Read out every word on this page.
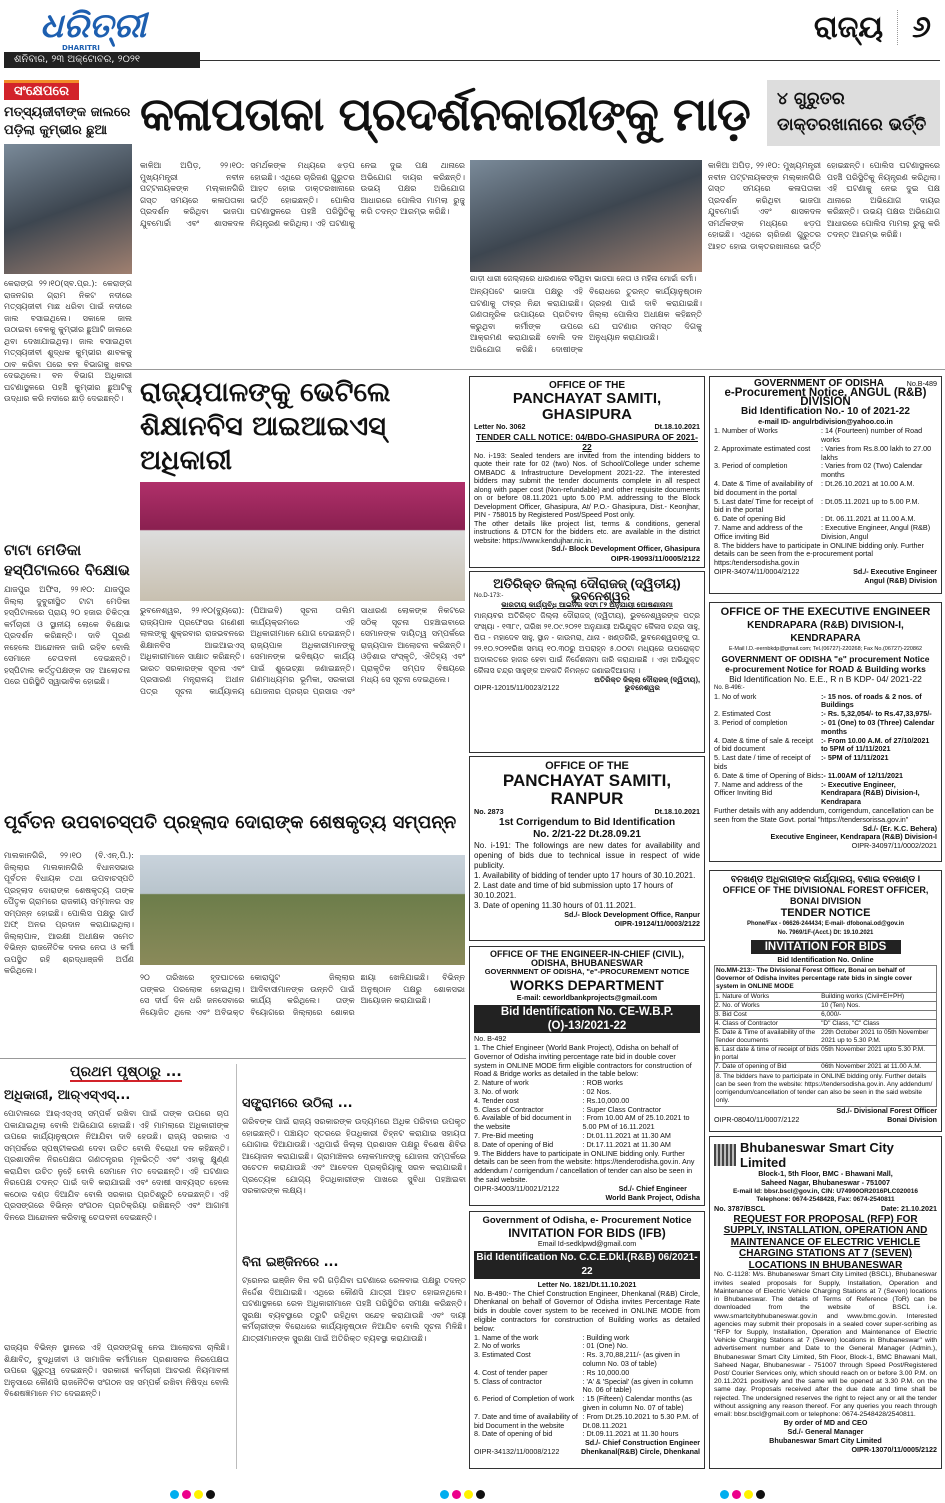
ଧରିତ୍ରୀ
DHARITRI
ଶନିବାର, ୨୩ ଅକ୍ଟୋବର, ୨୦୨୧
ରାଜ୍ୟ ୬
ସଂକ୍ଷେପରେ
ମତ୍ସ୍ୟଜୀବୀଙ୍କ ଜାଲରେ ପଡ଼ିଲା କୁମ୍ଭୀର ଛୁଆ
କେରାଙ୍ଗ ୨୨।୧୦(ସ୍ବ.ପ୍ର.): କେରାଙ୍ଗ ରାଜନଗର ଗ୍ରାମ ନିକଟ ନଦୀରେ ମତ୍ସ୍ୟଜୀବୀ ମାଛ ଧରିବା ପାଇଁ ନଦୀରେ ଜାଲ ବସାଇଥିଲେ। ସକାଳେ ଜାଲ ଉଠାଇବା ବେଳକୁ କୁମ୍ଭୀର ଛୁଆଟି ଜାଲରେ ଥିବା ଦେଖାଯାଇଥିଲା। ଜାଲ ବସାଇଥିବା ମତ୍ସ୍ୟଜୀବୀ ଶୁଦ୍ଧକ କୁମ୍ଭୀର ଶାବକକୁ ଠାବ କରିବା ପରେ ବନ ବିଭାଗକୁ ଖବର ଦେଇଥିଲେ। ବନ ବିଭାଗ ଅଧିକାରୀ ଘଟଣାସ୍ଥଳରେ ପହଞ୍ଚି କୁମ୍ଭୀର ଛୁଆଟିକୁ ଉଦ୍ଧାର କରି ନଦୀରେ ଛାଡ଼ି ଦେଇଛନ୍ତି।
କଳାପତାକା ପ୍ରଦର୍ଶନକାରୀଙ୍କୁ ମାଡ଼	୪ ଗୁରୁତର ଡାକ୍ତରଖାନାରେ ଭର୍ତ୍ତି
କାଳିଆ ଅପିଡ଼, ୨୨।୧୦: ମୁଖ୍ୟମନ୍ତ୍ରୀ ନବୀନ ପଟ୍ଟନାୟକଙ୍କ ମଲ୍କାନଗିରି ଗସ୍ତ ସମୟରେ କଳାପତାକା ପ୍ରଦର୍ଶନ କରିଥିବା ଭାଜପା ଯୁବମୋର୍ଚ୍ଚା ଏବଂ ଶାସକଦଳ ସମର୍ଥକଙ୍କ ମଧ୍ୟରେ ଝଡ଼ପ ହୋଇଛି। ଏଥିରେ ଚାରିଜଣ ଗୁରୁତର ଆହତ ହୋଇ ଡାକ୍ତରଖାନାରେ ଭର୍ତ୍ତି ହୋଇଛନ୍ତି। ପୋଲିସ ଘଟଣାସ୍ଥଳରେ ପହଞ୍ଚି ପରିସ୍ଥିତିକୁ ନିୟନ୍ତ୍ରଣ କରିଥିଲା। ଏହି ଘଟଣାକୁ ନେଇ ଦୁଇ ପକ୍ଷ ଥାନାରେ ଅଭିଯୋଗ ଦାୟର କରିଛନ୍ତି। ଉଭୟ ପକ୍ଷର ଅଭିଯୋଗ ଆଧାରରେ ପୋଲିସ ମାମଲା ରୁଜୁ କରି ତଦନ୍ତ ଆରମ୍ଭ କରିଛି।
ଗାଡ଼ୀ ଧାରୀ ଜେଲ୍ଲାରେ ଧାରଣାରେ ବସିଥିବା ଭାଜପା ନେତା ଓ ମହିଳା ମୋର୍ଚ୍ଚା କର୍ମୀ।
ଅନ୍ୟପଟେ ଭାଜପା ପକ୍ଷରୁ ଏହି ଘଟଣାକୁ ତୀବ୍ର ନିନ୍ଦା କରାଯାଇଛି। ଗଣତାନ୍ତ୍ରିକ ଉପାୟରେ ପ୍ରତିବାଦ କରୁଥିବା କର୍ମୀଙ୍କ ଉପରେ ଆକ୍ରମଣ କରାଯାଇଛି ବୋଲି ଦଳ ଅଭିଯୋଗ କରିଛି। ଦୋଷୀଙ୍କ ବିରୋଧରେ ତୁରନ୍ତ କାର୍ଯ୍ୟାନୁଷ୍ଠାନ ଗ୍ରହଣ ପାଇଁ ଦାବି କରାଯାଇଛି। ଜିଲ୍ଲା ପୋଲିସ ଅଧୀକ୍ଷକ କହିଛନ୍ତି ଯେ ଘଟଣାର ସମସ୍ତ ଦିଗକୁ ଅନୁଧ୍ୟାନ କରାଯାଉଛି।
କାଳିଆ ଅପିଡ଼, ୨୨।୧୦: ମୁଖ୍ୟମନ୍ତ୍ରୀ ନବୀନ ପଟ୍ଟନାୟକଙ୍କ ମଲ୍କାନଗିରି ଗସ୍ତ ସମୟରେ କଳାପତାକା ପ୍ରଦର୍ଶନ କରିଥିବା ଭାଜପା ଯୁବମୋର୍ଚ୍ଚା ଏବଂ ଶାସକଦଳ ସମର୍ଥକଙ୍କ ମଧ୍ୟରେ ଝଡ଼ପ ହୋଇଛି। ଏଥିରେ ଚାରିଜଣ ଗୁରୁତର ଆହତ ହୋଇ ଡାକ୍ତରଖାନାରେ ଭର୍ତ୍ତି ହୋଇଛନ୍ତି। ପୋଲିସ ଘଟଣାସ୍ଥଳରେ ପହଞ୍ଚି ପରିସ୍ଥିତିକୁ ନିୟନ୍ତ୍ରଣ କରିଥିଲା। ଏହି ଘଟଣାକୁ ନେଇ ଦୁଇ ପକ୍ଷ ଥାନାରେ ଅଭିଯୋଗ ଦାୟର କରିଛନ୍ତି। ଉଭୟ ପକ୍ଷର ଅଭିଯୋଗ ଆଧାରରେ ପୋଲିସ ମାମଲା ରୁଜୁ କରି ତଦନ୍ତ ଆରମ୍ଭ କରିଛି।
ରାଜ୍ୟପାଳଙ୍କୁ ଭେଟିଲେ ଶିକ୍ଷାନବିସ ଆଇଆଇଏସ୍ ଅଧିକାରୀ
ଭୁବନେଶ୍ୱର, ୨୨।୧୦(ବ୍ୟୁରୋ): ରାଜ୍ୟପାଳ ପ୍ରଫେସର ଗଣେଶୀ ଲାଲଙ୍କୁ ଶୁକ୍ରବାର ରାଜଭବନରେ ଶିକ୍ଷାନବିସ ଆଇଆଇଏସ୍ ଅଧିକାରୀମାନେ ସାକ୍ଷାତ କରିଛନ୍ତି। ଭାରତ ସରକାରଙ୍କ ସୂଚନା ଏବଂ ପ୍ରସାରଣ ମନ୍ତ୍ରାଳୟ ଅଧୀନ ପତ୍ର ସୂଚନା କାର୍ଯ୍ୟାଳୟ (ପିଆଇବି) ସୂଚନା ତାଲିମ କାର୍ଯ୍ୟକ୍ରମରେ ଏହି ଅଧିକାରୀମାନେ ଯୋଗ ଦେଇଛନ୍ତି। ରାଜ୍ୟପାଳ ଅଧିକାରୀମାନଙ୍କୁ ସେମାନଙ୍କ ଭବିଷ୍ୟତ କାର୍ଯ୍ୟ ପାଇଁ ଶୁଭେଚ୍ଛା ଜଣାଇଛନ୍ତି। ଗଣମାଧ୍ୟମର ଭୂମିକା, ସରକାରୀ ଯୋଜନାର ପ୍ରଚାର ପ୍ରସାର ଏବଂ ସାଧାରଣ ଲୋକଙ୍କ ନିକଟରେ ସଠିକ୍ ସୂଚନା ପହଞ୍ଚାଇବାରେ ସେମାନଙ୍କ ଦାୟିତ୍ୱ ସମ୍ପର୍କରେ ରାଜ୍ୟପାଳ ଆଲୋଚନା କରିଛନ୍ତି। ଓଡ଼ିଶାର ସଂସ୍କୃତି, ଐତିହ୍ୟ ଏବଂ ପ୍ରାକୃତିକ ସମ୍ପଦ ବିଷୟରେ ମଧ୍ୟ ସେ ସୂଚନା ଦେଇଥିଲେ।
ଟାଟା ମେଡିକା ହସ୍ପିଟାଲରେ ବିକ୍ଷୋଭ
ଯାଜପୁର ଅଫିସ, ୨୨।୧୦: ଯାଜପୁର ଜିଲ୍ଲା ଦୁବୁରୀସ୍ଥିତ ଟାଟା ମେଡିକା ହସ୍ପିଟାଲରେ ପ୍ରାୟ ୨୦ ହଜାର ଚିକିତ୍ସା କର୍ମଚାରୀ ଓ ସ୍ଥାନୀୟ ଲୋକେ ବିକ୍ଷୋଭ ପ୍ରଦର୍ଶନ କରିଛନ୍ତି। ଦାବି ପୂରଣ ନହେଲେ ଆନ୍ଦୋଳନ ଜାରି ରହିବ ବୋଲି ସେମାନେ ଚେତାବନୀ ଦେଇଛନ୍ତି। ହସ୍ପିଟାଲ କର୍ତ୍ତୃପକ୍ଷଙ୍କ ସହ ଆଲୋଚନା ପରେ ପରିସ୍ଥିତି ସ୍ୱାଭାବିକ ହୋଇଛି।
ପୂର୍ବତନ ଉପବାଚସ୍ପତି ପ୍ରହ୍ଲାଦ ଦୋରାଙ୍କ ଶେଷକୃତ୍ୟ ସମ୍ପନ୍ନ
ମାଲକାନଗିରି, ୨୨।୧୦ (ବି.ଏନ୍.ପି.): ଜିଲ୍ଲାର ମାଲକାନଗିରି ବିଧାନସଭାର ପୂର୍ବତନ ବିଧାୟକ ତଥା ଉପବାଚସ୍ପତି ପ୍ରହ୍ଲାଦ ଦୋରାଙ୍କ ଶେଷକୃତ୍ୟ ତାଙ୍କ ପୈତୃକ ଗ୍ରାମରେ ରାଜକୀୟ ସମ୍ମାନର ସହ ସମ୍ପନ୍ନ ହୋଇଛି। ପୋଲିସ ପକ୍ଷରୁ ଗାର୍ଡ ଅଫ୍ ଅନର ପ୍ରଦାନ କରାଯାଇଥିଲା। ଜିଲ୍ଲାପାଳ, ଆରକ୍ଷୀ ଅଧୀକ୍ଷକ ସମେତ ବିଭିନ୍ନ ରାଜନୈତିକ ଦଳର ନେତା ଓ କର୍ମୀ ଉପସ୍ଥିତ ରହି ଶ୍ରଦ୍ଧାଞ୍ଜଳି ଅର୍ପଣ କରିଥିଲେ।
୨୦ ତାରିଖରେ ହୃଦଘାତରେ ତାଙ୍କର ପରଲୋକ ହୋଇଥିଲା। ସେ ଦୀର୍ଘ ଦିନ ଧରି ଜନସେବାରେ ନିୟୋଜିତ ଥିଲେ ଏବଂ ଅବିଭକ୍ତ କୋରାପୁଟ ଜିଲ୍ଲାର ଆଦିବାସୀମାନଙ୍କ ଉନ୍ନତି ପାଇଁ କାର୍ଯ୍ୟ କରିଥିଲେ। ତାଙ୍କ ବିୟୋଗରେ ଜିଲ୍ଲାରେ ଶୋକର ଛାୟା ଖେଳିଯାଇଛି। ବିଭିନ୍ନ ଅନୁଷ୍ଠାନ ପକ୍ଷରୁ ଶୋକସଭା ଆୟୋଜନ କରାଯାଇଛି।
ପ୍ରଥମ ପୃଷ୍ଠାରୁ ...
ଅଧିକାରୀ, ଆର୍‌ଏସ୍‌ଏସ୍...
ପୋଟାଳାରେ ଆର୍‌ଏସ୍‌ଏସ୍ ସମ୍ପର୍କ ରଖିବା ପାଇଁ ତାଙ୍କ ଉପରେ ଚାପ ପକାଯାଇଥିଲା ବୋଲି ଅଭିଯୋଗ ହୋଇଛି। ଏହି ମାମଲାରେ ଅଧିକାରୀଙ୍କ ଉପରେ କାର୍ଯ୍ୟାନୁଷ୍ଠାନ ନିଆଯିବା ଦାବି ହେଉଛି। ରାଜ୍ୟ ସରକାର ଏ ସମ୍ପର୍କରେ ସ୍ପଷ୍ଟୀକରଣ ଦେବା ଉଚିତ ବୋଲି ବିରୋଧୀ ଦଳ କହିଛନ୍ତି। ପ୍ରଶାସନିକ ନିରପେକ୍ଷତା ଗଣତନ୍ତ୍ରର ମୂଳଭିତ୍ତି ଏବଂ ଏହାକୁ କ୍ଷୁଣ୍ଣ କରାଯିବା ଉଚିତ ନୁହେଁ ବୋଲି ସେମାନେ ମତ ଦେଇଛନ୍ତି। ଏହି ଘଟଣାର ନିରପେକ୍ଷ ତଦନ୍ତ ପାଇଁ ଦାବି କରାଯାଇଛି ଏବଂ ଦୋଷୀ ସାବ୍ୟସ୍ତ ହେଲେ କଠୋର ଦଣ୍ଡ ଦିଆଯିବ ବୋଲି ସରକାର ପ୍ରତିଶ୍ରୁତି ଦେଇଛନ୍ତି। ଏହି ପ୍ରସଙ୍ଗରେ ବିଭିନ୍ନ ସଂଗଠନ ପ୍ରତିକ୍ରିୟା ରଖିଛନ୍ତି ଏବଂ ଆଗାମୀ ଦିନରେ ଆନ୍ଦୋଳନ କରିବାକୁ ଚେତାବନୀ ଦେଇଛନ୍ତି।
ରାଜ୍ୟର ବିଭିନ୍ନ ସ୍ଥାନରେ ଏହି ପ୍ରସଙ୍ଗକୁ ନେଇ ଆଲୋଚନା ଚାଲିଛି। ଶିକ୍ଷାବିତ୍, ବୁଦ୍ଧିଜୀବୀ ଓ ସାମାଜିକ କର୍ମୀମାନେ ପ୍ରଶାସନର ନିରପେକ୍ଷତା ଉପରେ ଗୁରୁତ୍ୱ ଦେଇଛନ୍ତି। ସରକାରୀ କର୍ମଚାରୀ ଆଚରଣ ନିୟମାବଳୀ ଅନୁସାରେ କୌଣସି ରାଜନୈତିକ ସଂଗଠନ ସହ ସମ୍ପର୍କ ରଖିବା ନିଷିଦ୍ଧ ବୋଲି ବିଶେଷଜ୍ଞମାନେ ମତ ଦେଇଛନ୍ତି।
ସଙ୍ଗ୍ରାମରେ ଉଠିଲା ...
ଗରିବଙ୍କ ପାଇଁ ରାଜ୍ୟ ସରକାରଙ୍କ ଉଦ୍ୟମରେ ଅଧିକ ପରିବାର ଉପକୃତ ହୋଇଛନ୍ତି। ପଞ୍ଚାୟତ ସ୍ତରରେ ହିତାଧିକାରୀ ଚିହ୍ନଟ କରାଯାଇ ସହାୟତା ଯୋଗାଇ ଦିଆଯାଉଛି। ଏଥିପାଇଁ ଜିଲ୍ଲା ପ୍ରଶାସନ ପକ୍ଷରୁ ବିଶେଷ ଶିବିର ଆୟୋଜନ କରାଯାଇଛି। ଗ୍ରାମାଞ୍ଚଳର ଲୋକମାନଙ୍କୁ ଯୋଜନା ସମ୍ପର୍କରେ ସଚେତନ କରାଯାଉଛି ଏବଂ ଆବେଦନ ପ୍ରକ୍ରିୟାକୁ ସରଳ କରାଯାଇଛି। ପ୍ରତ୍ୟେକ ଯୋଗ୍ୟ ହିତାଧିକାରୀଙ୍କ ପାଖରେ ସୁବିଧା ପହଞ୍ଚାଇବା ସରକାରଙ୍କ ଲକ୍ଷ୍ୟ।
ବିନା ଇଞ୍ଜିନରେ ...
ଟ୍ରେନର ଇଞ୍ଜିନ ବିନା ବଗି ଗଡ଼ିଯିବା ଘଟଣାରେ ରେଳବାଇ ପକ୍ଷରୁ ତଦନ୍ତ ନିର୍ଦ୍ଦେଶ ଦିଆଯାଇଛି। ଏଥିରେ କୌଣସି ଯାତ୍ରୀ ଆହତ ହୋଇନଥିଲେ। ଘଟଣାସ୍ଥଳରେ ରେଳ ଅଧିକାରୀମାନେ ପହଞ୍ଚି ପରିସ୍ଥିତିର ସମୀକ୍ଷା କରିଛନ୍ତି। ସୁରକ୍ଷା ବ୍ୟବସ୍ଥାରେ ତ୍ରୁଟି ରହିଥିବା ସନ୍ଦେହ କରାଯାଉଛି ଏବଂ ଦାୟୀ କର୍ମଚାରୀଙ୍କ ବିରୋଧରେ କାର୍ଯ୍ୟାନୁଷ୍ଠାନ ନିଆଯିବ ବୋଲି ସୂଚନା ମିଳିଛି। ଯାତ୍ରୀମାନଙ୍କ ସୁରକ୍ଷା ପାଇଁ ଅତିରିକ୍ତ ବ୍ୟବସ୍ଥା କରାଯାଉଛି।
OFFICE OF THE
PANCHAYAT SAMITI, GHASIPURA
Letter No. 3062	Dt.18.10.2021
TENDER CALL NOTICE: 04/BDO-GHASIPURA OF 2021-22
No. i-193: Sealed tenders are invited from the intending bidders to quote their rate for 02 (two) Nos. of School/College under scheme OMBADC & Infrastructure Development 2021-22. The interested bidders may submit the tender documents complete in all respect along with paper cost (Non-refundable) and other requisite documents on or before 08.11.2021 upto 5.00 P.M. addressing to the Block Development Officer, Ghasipura, At/ P.O.- Ghasipura, Dist.- Keonjhar, PIN - 758015 by Registered Post/Speed Post only.
The other details like project list, terms & conditions, general instructions & DTCN for the bidders etc. are available in the district website: https://www.kendujhar.nic.in.
Sd./- Block Development Officer, Ghasipura
OIPR-19093/11/0005/2122
GOVERNMENT OF ODISHA	No.B-489
e-Procurement Notice, ANGUL (R&B) DIVISION
Bid Identification No.- 10 of 2021-22
e-mail ID- angulrbdivision@yahoo.co.in
1. Number of Works	: 14 (Fourteen) number of Road works
2. Approximate estimated cost	: Varies from Rs.8.00 lakh to 27.00 lakhs
3. Period of completion	: Varies from 02 (Two) Calendar months
4. Date & Time of availability of bid document in the portal
: Dt.26.10.2021 at 10.00 A.M.
5. Last date/ Time for receipt of bid in the portal
: Dt.05.11.2021 up to 5.00 P.M.
6. Date of opening Bid	: Dt. 06.11.2021 at 11.00 A.M.
7. Name and address of the Office inviting Bid
: Executive Engineer, Angul (R&B) Division, Angul
8. The bidders have to participate in ONLINE bidding only. Further details can be seen from the e-procurement portal https:/tendersodisha.gov.in
OIPR-34074/11/0004/2122	Sd./- Executive Engineer
Angul (R&B) Division
ଅତିରିକ୍ତ ଜିଲ୍ଲା ଦୌରାଜଜ୍ (ଦ୍ୱିତୀୟ)
No.D-173:-	ଭୁବନେଶ୍ୱର
ଭାରତୀୟ କାର୍ଯ୍ୟବିଧି ଆଇନର ଦଫା ୮୨ ଅନୁଯାୟୀ ଘୋଷଣାନାମା
ମାନ୍ୟବର ଅତିରିକ୍ତ ଜିଲ୍ଲା ଦୌରାଜଜ୍ (ଦ୍ୱିତୀୟ), ଭୁବନେଶ୍ୱରଙ୍କ ପତ୍ର ସଂଖ୍ୟା - ୧୩୮୯, ତାରିଖ ୨୧.୦୯.୨୦୨୧ ଅନୁଯାୟୀ ଅଭିଯୁକ୍ତ କୈଳାସ ଚନ୍ଦ୍ର ସାହୁ, ପିତା - ମହାଦେବ ସାହୁ, ସ୍ଥାନ - କାଉମରା, ଥାନା - ଖଣ୍ଡଗିରି, ଭୁବନେଶ୍ୱରଙ୍କୁ ତା. ୨୨.୧୦.୨୦୨୧ରିଖ ସମୟ ୧୦.୩୦ରୁ ଅପରାହ୍ନ ୫.୦୦ଟା ମଧ୍ୟରେ ଉପରୋକ୍ତ ଅଦାଲତରେ ହାଜର ହେବା ପାଇଁ ନିର୍ଦ୍ଦେଶନାମା ଜାରି କରାଯାଇଛି । ଏହା ଅଭିଯୁକ୍ତ କୈଳାସ ଚନ୍ଦ୍ର ସାହୁଙ୍କ ଅବଗତି ନିମନ୍ତେ ଜଣାଇଦିଆଗଲା ।
ଅତିରିକ୍ତ ଜିଲ୍ଲା ଦୌରାଜଜ୍ (ଦ୍ୱିତୀୟ),
OIPR-12015/11/0023/2122	ଭୁବନେଶ୍ୱର
OFFICE OF THE EXECUTIVE ENGINEER
KENDRAPARA (R&B) DIVISION-I, KENDRAPARA
E-Mail I.D.-eernbkdp@gmail.com; Tel.(06727)-220268; Fax No.(06727)-220862
GOVERNMENT OF ODISHA "e" procurement Notice
e-procurement Notice for ROAD & Building works
Bid Identification No. E.E., R n B KDP- 04/ 2021-22
No. B-496:-
1. No of work	:- 15 nos. of roads & 2 nos. of Buildings
2. Estimated Cost	:- Rs. 5,32,054/- to Rs.47,33,975/-
3. Period of completion	:- 01 (One) to 03 (Three) Calendar months
4. Date & time of sale & receipt of bid document
:- From 10.00 A.M. of 27/10/2021 to 5PM of 11/11/2021
5. Last date / time of receipt of bids
:- 5PM of 11/11/2021
6. Date & time of Opening of Bids :- 11.00AM of 12/11/2021
7. Name and address of the Officer Inviting Bid
:- Executive Engineer, Kendrapara (R&B) Division-I, Kendrapara
Further details with any addendum, corrigendum, cancellation can be seen from the State Govt. portal "https://tendersorissa.gov.in"
Sd./- (Er. K.C. Behera)
Executive Engineer, Kendrapara (R&B) Division-I
OIPR-34097/11/0002/2021
OFFICE OF THE
PANCHAYAT SAMITI, RANPUR
No. 2873	Dt.18.10.2021
1st Corrigendum to Bid Identification
No. 2/21-22 Dt.28.09.21
No. i-191: The followings are new dates for availability and opening of bids due to technical issue in respect of wide publicity.
1. Availability of bidding of tender upto 17 hours of 30.10.2021.
2. Last date and time of bid submission upto 17 hours of 30.10.2021.
3. Date of opening 11.30 hours of 01.11.2021.
Sd./- Block Development Office, Ranpur
OIPR-19124/11/0003/2122
OFFICE OF THE ENGINEER-IN-CHIEF (CIVIL),
ODISHA, BHUBANESWAR
GOVERNMENT OF ODISHA, "e"-PROCUREMENT NOTICE
WORKS DEPARTMENT
E-mail: ceworldbankprojects@gmail.com
Bid Identification No. CE-W.B.P. (O)-13/2021-22
No. B-492
1. The Chief Engineer (World Bank Project), Odisha on behalf of Governor of Odisha inviting percentage rate bid in double cover system in ONLINE MODE firm eligible contractors for construction of Road & Bridge works as detailed in the table below:
2. Nature of work	: ROB works
3. No. of work	: 02 Nos.
4. Tender cost	: Rs.10,000.00
5. Class of Contractor	: Super Class Contractor
6. Available of bid document in the website
: From 10.00 AM of 25.10.2021 to 5.00 PM of 16.11.2021
7. Pre-Bid meeting	: Dt.01.11.2021 at 11.30 AM
8. Date of opening of Bid	: Dt.17.11.2021 at 11.30 AM
9. The Bidders have to participate in ONLINE bidding only. Further details can be seen from the website: https://tenderodisha.gov.in. Any addendum / corrigendum / cancellation of tender can also be seen in the said website.
OIPR-34003/11/0021/2122	Sd./- Chief Engineer
World Bank Project, Odisha
ବନଖଣ୍ଡ ଅଧିକାରୀଙ୍କ କାର୍ଯ୍ୟାଳୟ, ବଣାଇ ବନଖଣ୍ଡ I
OFFICE OF THE DIVISIONAL FOREST OFFICER,
BONAI DIVISION
TENDER NOTICE
Phone/Fax - 06626-244434; E-mail- dfobonai.od@gov.in
No. 7969/1F-(Acct.) Dt: 19.10.2021
INVITATION FOR BIDS
Bid Identification No. Online
No.MM-213:- The Divisional Forest Officer, Bonai on behalf of Governor of Odisha invites percentage rate bids in single cover system in ONLINE MODE
1. Nature of Works	Building works (Civil+EI+PH)
2. No. of Works	10 (Ten) Nos.
3. Bid Cost	6,000/-
4. Class of Contractor	"D" Class, "C" Class
5. Date & Time of availability of the Tender documents
22th October 2021 to 05th November 2021 up to 5.30 P.M.
6. Last date & time of receipt of bids in portal
05th November 2021 upto 5.30 P.M.
7. Date of opening of Bid	06th November 2021 at 11.00 A.M.
8. The bidders have to participate in ONLINE bidding only. Further details can be seen from the website: https://tendersodisha.gov.in. Any addendum/ corrigendum/cancellation of tender can also be seen in the said website only.
Sd./- Divisional Forest Officer
OIPR-08040/11/0007/2122	Bonai Division
Government of Odisha, e- Procurement Notice
INVITATION FOR BIDS (IFB)
Email Id-sedklpwd@gmail.com
Bid Identification No. C.C.E.Dkl.(R&B) 06/2021-22
Letter No. 1821/Dt.11.10.2021
No. B-490:- The Chief Construction Engineer, Dhenkanal (R&B) Circle, Dhenkanal on behalf of Governor of Odisha invites Percentage Rate bids in double cover system to be received in ONLINE MODE from eligible contractors for construction of Building works as detailed below:
1. Name of the work	: Building work
2. No of works	: 01 (One) No.
3. Estimated Cost	: Rs. 3,70,88,211/- (as given in column No. 03 of table)
4. Cost of tender paper	: Rs 10,000.00
5. Class of contractor	: 'A' & 'Special' (as given in column No. 06 of table)
6. Period of Completion of work	: 15 (Fifteen) Calendar months (as given in column No. 07 of table)
7. Date and time of availability of bid Document in the website
: From Dt.25.10.2021 to 5.30 P.M. of Dt.08.11.2021
8. Date of opening of bid	: Dt.09.11.2021 at 11.30 hours
Sd./- Chief Construction Engineer
OIPR-34132/11/0008/2122	Dhenkanal(R&B) Circle, Dhenkanal
Bhubaneswar Smart City Limited
Block-1, 5th Floor, BMC - Bhawani Mall,
Saheed Nagar, Bhubaneswar - 751007
E-mail Id: bbsr.bscl@gov.in, CIN: U74990OR2016PLC020016
Telephone: 0674-2548428, Fax: 0674-2540811
No. 3787/BSCL	Date: 21.10.2021
REQUEST FOR PROPOSAL (RFP) FOR SUPPLY, INSTALLATION, OPERATION AND MAINTENANCE OF ELECTRIC VEHICLE CHARGING STATIONS AT 7 (SEVEN) LOCATIONS IN BHUBANESWAR
No. C-1128: M/s. Bhubaneswar Smart City Limited (BSCL), Bhubaneswar invites sealed proposals for Supply, Installation, Operation and Maintenance of Electric Vehicle Charging Stations at 7 (Seven) locations in Bhubaneswar. The details of Terms of Reference (ToR) can be downloaded from the website of BSCL i.e. www.smartcitybhubaneswar.gov.in and www.bmc.gov.in. Interested agencies may submit their proposals in a sealed cover super-scribing as "RFP for Supply, Installation, Operation and Maintenance of Electric Vehicle Charging Stations at 7 (Seven) locations in Bhubaneswar" with advertisement number and Date to the General Manager (Admin.), Bhubaneswar Smart City Limited, 5th Floor, Block-1, BMC Bhawani Mall, Saheed Nagar, Bhubaneswar - 751007 through Speed Post/Registered Post/ Courier Services only, which should reach on or before 3.00 P.M. on 20.11.2021 positively and the same will be opened at 3.30 P.M. on the same day. Proposals received after the due date and time shall be rejected. The undersigned reserves the right to reject any or all the tender without assigning any reason thereof. For any queries you reach through email: bbsr.bscl@gmail.com or telephone: 0674-2548428/2540811.
By order of MD and CEO
Sd./- General Manager
Bhubaneswar Smart City Limited
OIPR-13070/11/0005/2122
